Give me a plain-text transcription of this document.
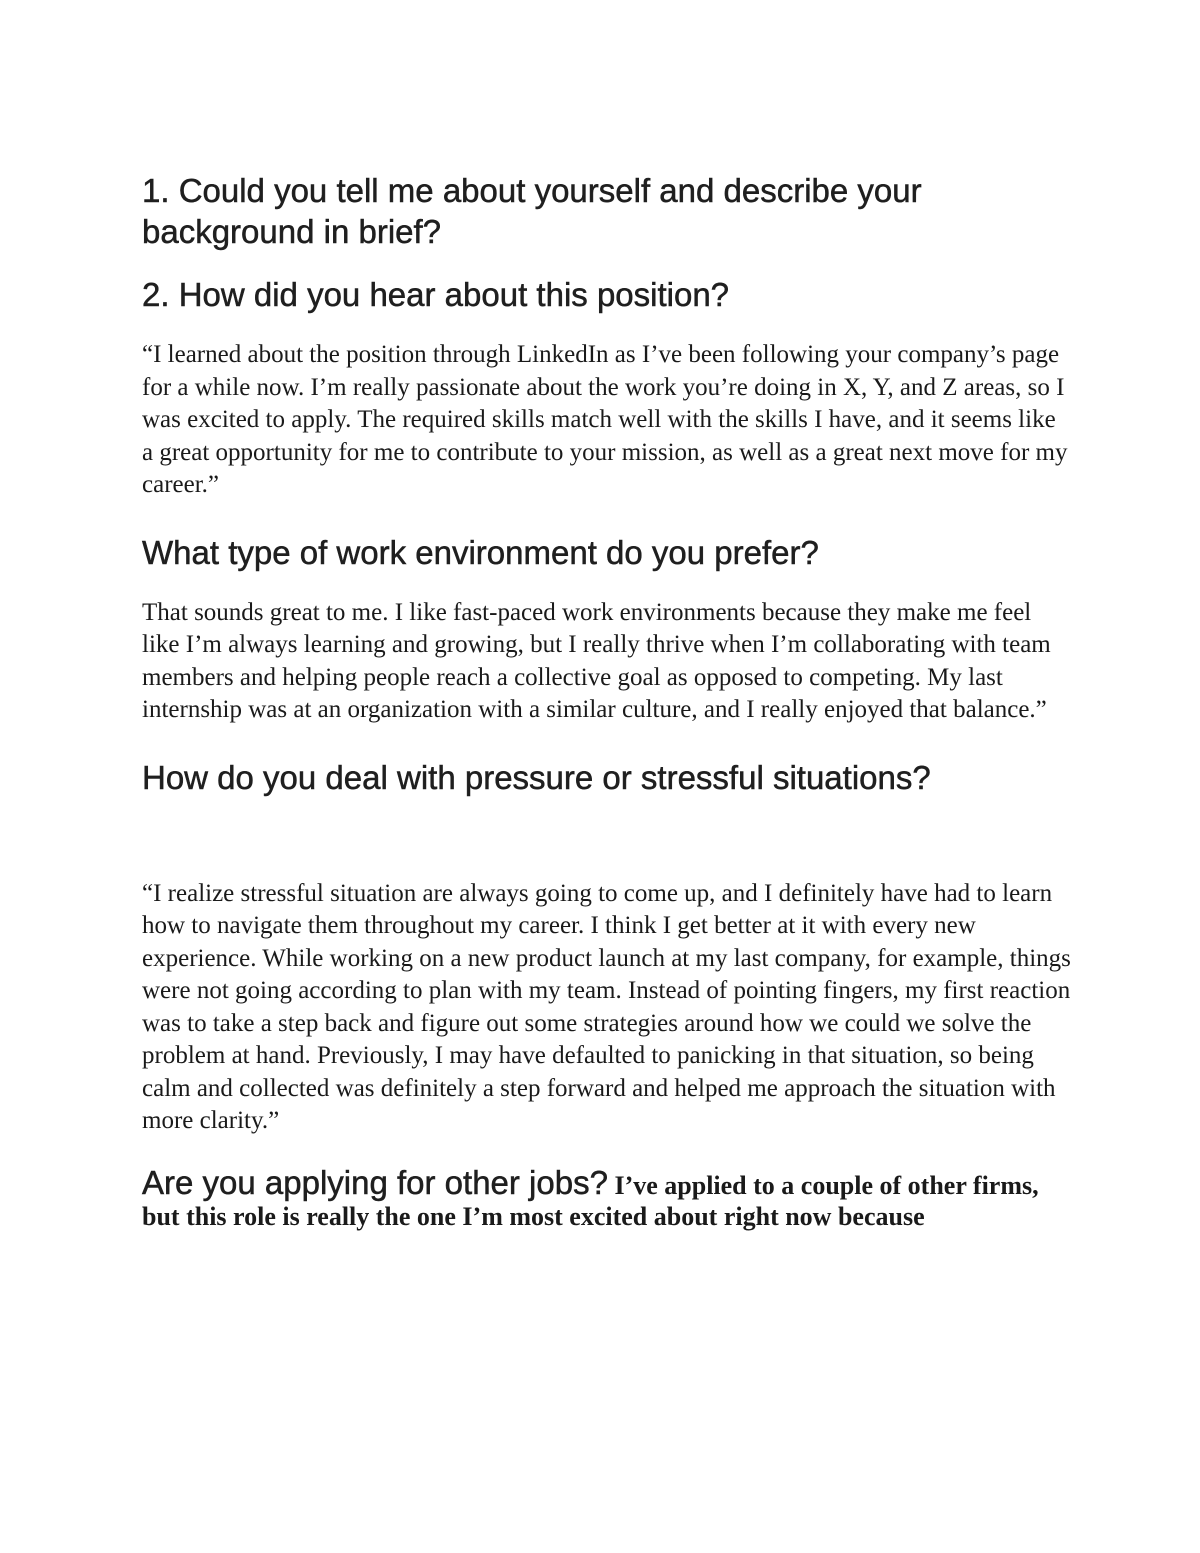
1. Could you tell me about yourself and describe your background in brief?

2. How did you hear about this position?

“I learned about the position through LinkedIn as I’ve been following your company’s page for a while now. I’m really passionate about the work you’re doing in X, Y, and Z areas, so I was excited to apply. The required skills match well with the skills I have, and it seems like a great opportunity for me to contribute to your mission, as well as a great next move for my career.”

What type of work environment do you prefer?

That sounds great to me. I like fast-paced work environments because they make me feel like I’m always learning and growing, but I really thrive when I’m collaborating with team members and helping people reach a collective goal as opposed to competing. My last internship was at an organization with a similar culture, and I really enjoyed that balance.”

How do you deal with pressure or stressful situations?

“I realize stressful situation are always going to come up, and I definitely have had to learn how to navigate them throughout my career. I think I get better at it with every new experience. While working on a new product launch at my last company, for example, things were not going according to plan with my team. Instead of pointing fingers, my first reaction was to take a step back and figure out some strategies around how we could we solve the problem at hand. Previously, I may have defaulted to panicking in that situation, so being calm and collected was definitely a step forward and helped me approach the situation with more clarity.”

Are you applying for other jobs? I’ve applied to a couple of other firms, but this role is really the one I’m most excited about right now because
